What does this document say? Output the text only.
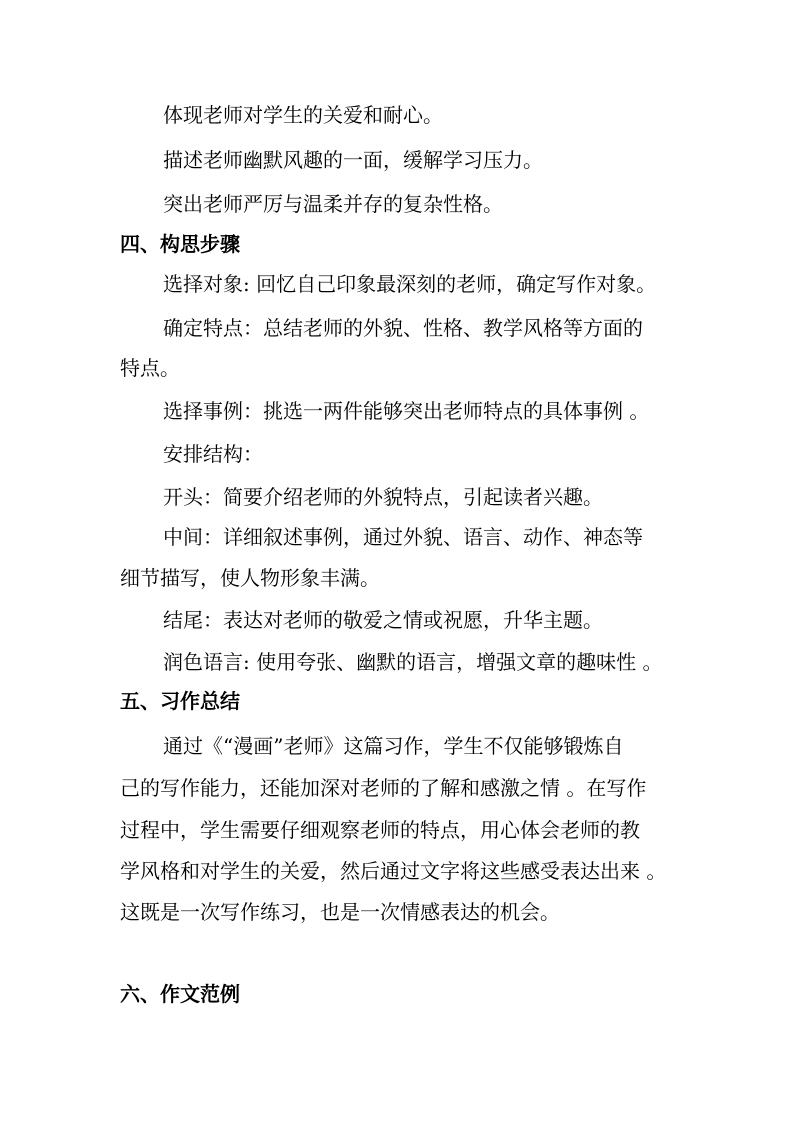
体现老师对学生的关爱和耐心。
描述老师幽默风趣的一面，缓解学习压力。
突出老师严厉与温柔并存的复杂性格。
四、构思步骤
选择对象: 回忆自己印象最深刻的老师，确定写作对象。
确定特点：总结老师的外貌、性格、教学风格等方面的
特点。
选择事例：挑选一两件能够突出老师特点的具体事例 。
安排结构：
开头：简要介绍老师的外貌特点，引起读者兴趣。
中间：详细叙述事例，通过外貌、语言、动作、神态等
细节描写，使人物形象丰满。
结尾：表达对老师的敬爱之情或祝愿，升华主题。
润色语言: 使用夸张、幽默的语言，增强文章的趣味性 。
五、习作总结
通过《“漫画”老师》这篇习作，学生不仅能够锻炼自
己的写作能力，还能加深对老师的了解和感激之情 。在写作
过程中，学生需要仔细观察老师的特点，用心体会老师的教
学风格和对学生的关爱，然后通过文字将这些感受表达出来 。
这既是一次写作练习，也是一次情感表达的机会。
六、作文范例
